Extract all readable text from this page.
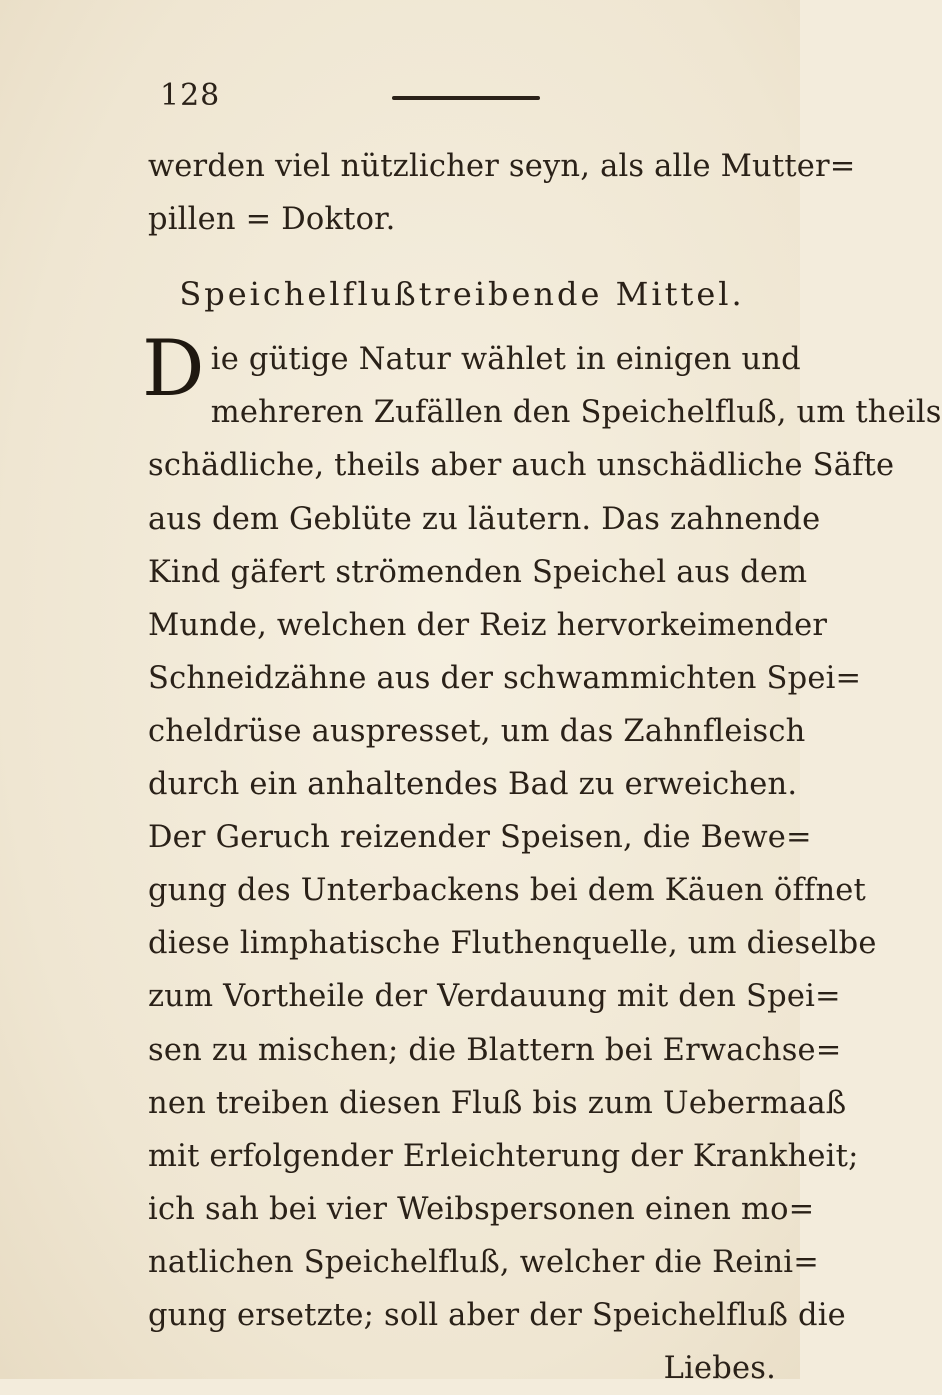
128
werden viel nützlicher seyn, als alle Mutter=
pillen = Doktor.
Speichelflußtreibende Mittel.
Die gütige Natur wählet in einigen und
mehreren Zufällen den Speichelfluß, um theils
schädliche, theils aber auch unschädliche Säfte
aus dem Geblüte zu läutern. Das zahnende
Kind gäfert strömenden Speichel aus dem
Munde, welchen der Reiz hervorkeimender
Schneidzähne aus der schwammichten Spei=
cheldrüse auspresset, um das Zahnfleisch
durch ein anhaltendes Bad zu erweichen.
Der Geruch reizender Speisen, die Bewe=
gung des Unterbackens bei dem Käuen öffnet
diese limphatische Fluthenquelle, um dieselbe
zum Vortheile der Verdauung mit den Spei=
sen zu mischen; die Blattern bei Erwachse=
nen treiben diesen Fluß bis zum Uebermaaß
mit erfolgender Erleichterung der Krankheit;
ich sah bei vier Weibspersonen einen mo=
natlichen Speichelfluß, welcher die Reini=
gung ersetzte; soll aber der Speichelfluß die
Liebes.
